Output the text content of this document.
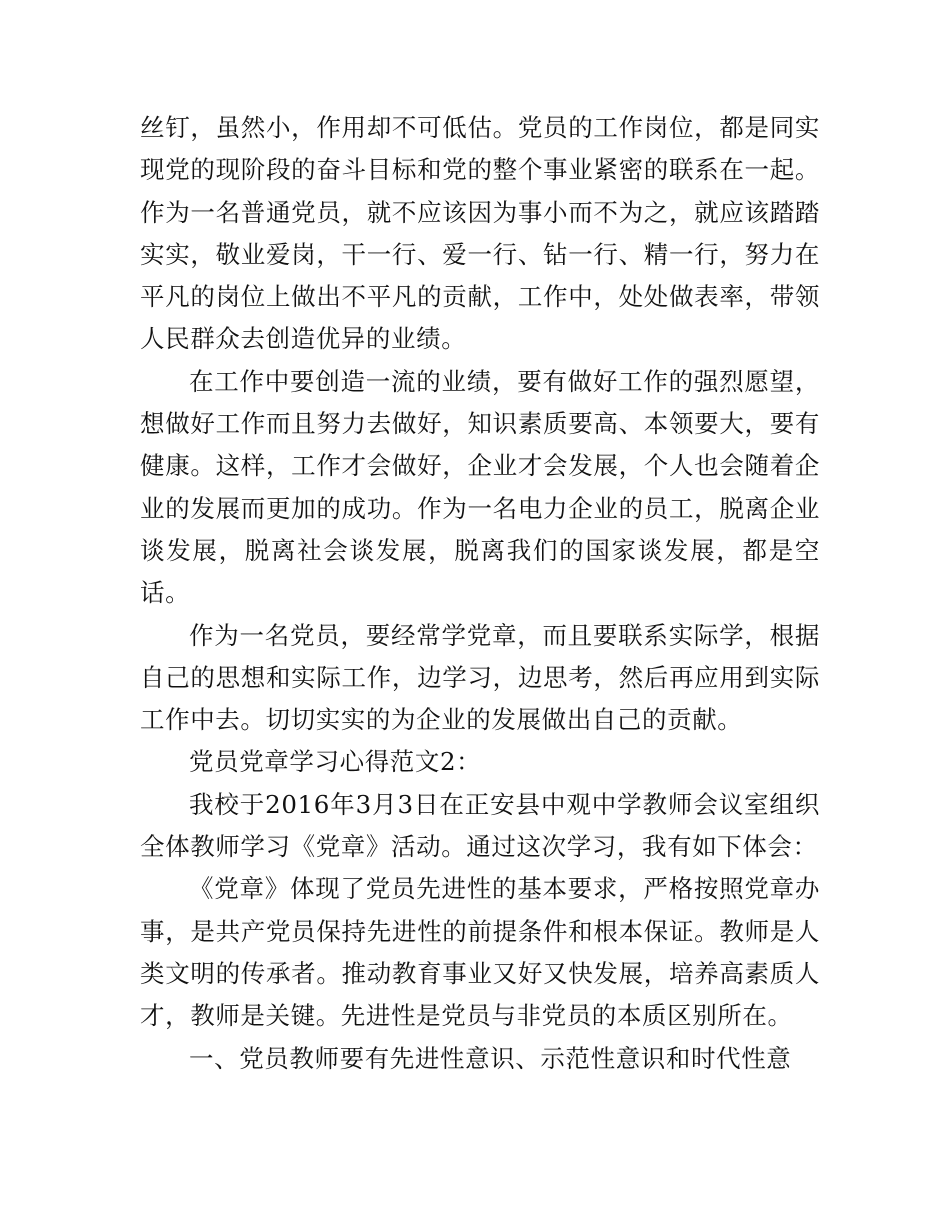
丝钉，虽然小，作用却不可低估。党员的工作岗位，都是同实现党的现阶段的奋斗目标和党的整个事业紧密的联系在一起。作为一名普通党员，就不应该因为事小而不为之，就应该踏踏实实，敬业爱岗，干一行、爱一行、钻一行、精一行，努力在平凡的岗位上做出不平凡的贡献，工作中，处处做表率，带领人民群众去创造优异的业绩。

在工作中要创造一流的业绩，要有做好工作的强烈愿望，想做好工作而且努力去做好，知识素质要高、本领要大，要有健康。这样，工作才会做好，企业才会发展，个人也会随着企业的发展而更加的成功。作为一名电力企业的员工，脱离企业谈发展，脱离社会谈发展，脱离我们的国家谈发展，都是空话。

作为一名党员，要经常学党章，而且要联系实际学，根据自己的思想和实际工作，边学习，边思考，然后再应用到实际工作中去。切切实实的为企业的发展做出自己的贡献。

党员党章学习心得范文2：

我校于2016年3月3日在正安县中观中学教师会议室组织全体教师学习《党章》活动。通过这次学习，我有如下体会：

《党章》体现了党员先进性的基本要求，严格按照党章办事，是共产党员保持先进性的前提条件和根本保证。教师是人类文明的传承者。推动教育事业又好又快发展，培养高素质人才，教师是关键。先进性是党员与非党员的本质区别所在。

一、党员教师要有先进性意识、示范性意识和时代性意
